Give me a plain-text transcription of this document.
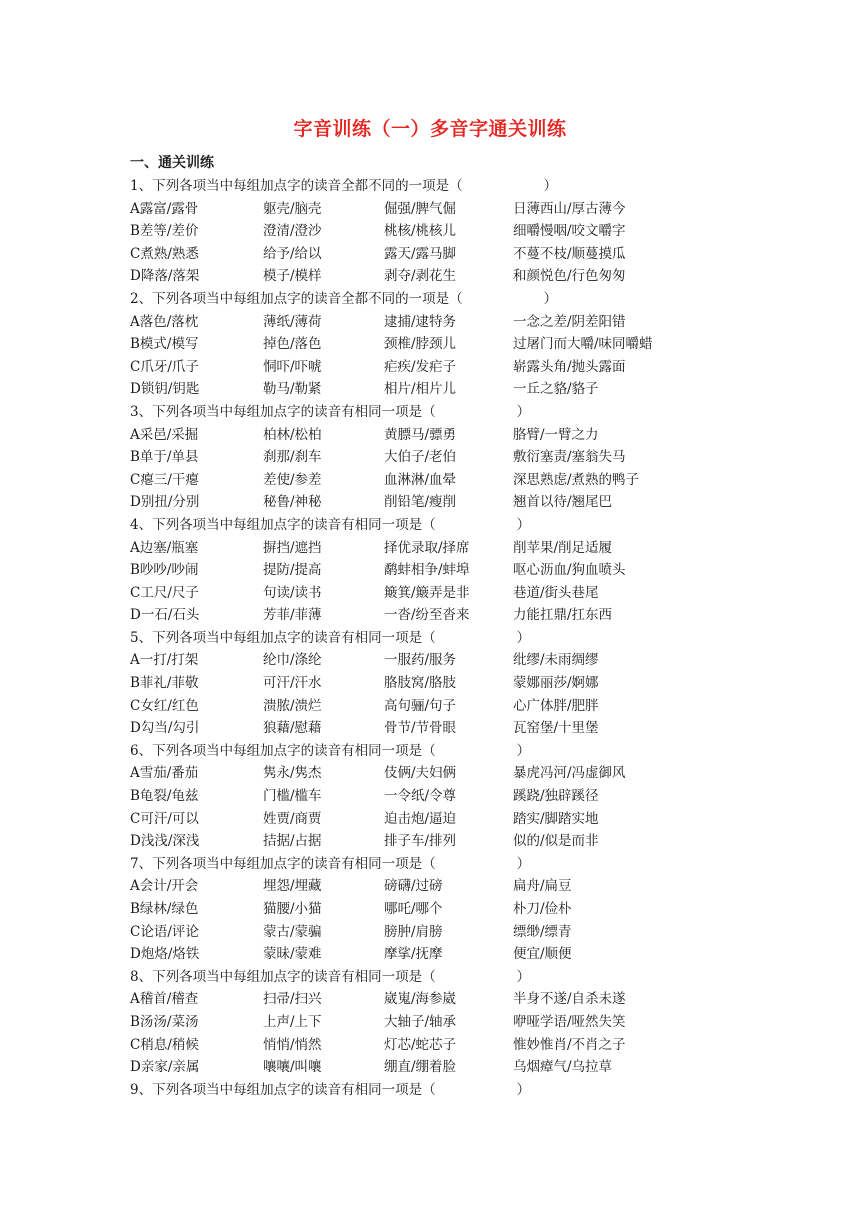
字音训练（一）多音字通关训练
一、通关训练
1、下列各项当中每组加点字的读音全都不同的一项是（　　　　　　）
A露富/露骨	躯壳/脑壳	倔强/脾气倔	日薄西山/厚古薄今
B差等/差价	澄清/澄沙	桃核/桃核儿	细嚼慢咽/咬文嚼字
C煮熟/熟悉	给予/给以	露天/露马脚	不蔓不枝/顺蔓摸瓜
D降落/落架	模子/模样	剥夺/剥花生	和颜悦色/行色匆匆
2、下列各项当中每组加点字的读音全都不同的一项是（　　　　　　）
A落色/落枕	薄纸/薄荷	逮捕/逮特务	一念之差/阴差阳错
B模式/模写	掉色/落色	颈椎/脖颈儿	过屠门而大嚼/味同嚼蜡
C爪牙/爪子	恫吓/吓唬	疟疾/发疟子	崭露头角/抛头露面
D锁钥/钥匙	勒马/勒紧	相片/相片儿	一丘之貉/貉子
3、下列各项当中每组加点字的读音有相同一项是（　　　　　　）
A采邑/采掘	柏林/松柏	黄膘马/骠勇	胳臂/一臂之力
B单于/单县	刹那/刹车	大伯子/老伯	敷衍塞责/塞翁失马
C瘪三/干瘪	差使/参差	血淋淋/血晕	深思熟虑/煮熟的鸭子
D别扭/分别	秘鲁/神秘	削铅笔/瘦削	翘首以待/翘尾巴
4、下列各项当中每组加点字的读音有相同一项是（　　　　　　）
A边塞/瓶塞	摒挡/遮挡	择优录取/择席	削苹果/削足适履
B吵吵/吵闹	提防/提高	鹬蚌相争/蚌埠	呕心沥血/狗血喷头
C工尺/尺子	句读/读书	簸箕/簸弄是非	巷道/街头巷尾
D一石/石头	芳菲/菲薄	一沓/纷至沓来	力能扛鼎/扛东西
5、下列各项当中每组加点字的读音有相同一项是（　　　　　　）
A一打/打架	纶巾/涤纶	一服药/服务	纰缪/未雨绸缪
B菲礼/菲敬	可汗/汗水	胳肢窝/胳肢	蒙娜丽莎/婀娜
C女红/红色	溃脓/溃烂	高句骊/句子	心广体胖/肥胖
D勾当/勾引	狼藉/慰藉	骨节/节骨眼	瓦窑堡/十里堡
6、下列各项当中每组加点字的读音有相同一项是（　　　　　　）
A雪茄/番茄	隽永/隽杰	伎俩/夫妇俩	暴虎冯河/冯虚御风
B龟裂/龟兹	门槛/槛车	一令纸/令尊	蹊跷/独辟蹊径
C可汗/可以	姓贾/商贾	迫击炮/逼迫	踏实/脚踏实地
D浅浅/深浅	拮据/占据	排子车/排列	似的/似是而非
7、下列各项当中每组加点字的读音有相同一项是（　　　　　　）
A会计/开会	埋怨/埋藏	磅礴/过磅	扁舟/扁豆
B绿林/绿色	猫腰/小猫	哪吒/哪个	朴刀/俭朴
C论语/评论	蒙古/蒙骗	膀肿/肩膀	缥缈/缥青
D炮烙/烙铁	蒙昧/蒙难	摩挲/抚摩	便宜/顺便
8、下列各项当中每组加点字的读音有相同一项是（　　　　　　）
A稽首/稽查	扫帚/扫兴	崴嵬/海参崴	半身不遂/自杀未遂
B汤汤/菜汤	上声/上下	大轴子/轴承	咿哑学语/哑然失笑
C稍息/稍候	悄悄/悄然	灯芯/蛇芯子	惟妙惟肖/不肖之子
D亲家/亲属	嚷嚷/叫嚷	绷直/绷着脸	乌烟瘴气/乌拉草
9、下列各项当中每组加点字的读音有相同一项是（　　　　　　）
